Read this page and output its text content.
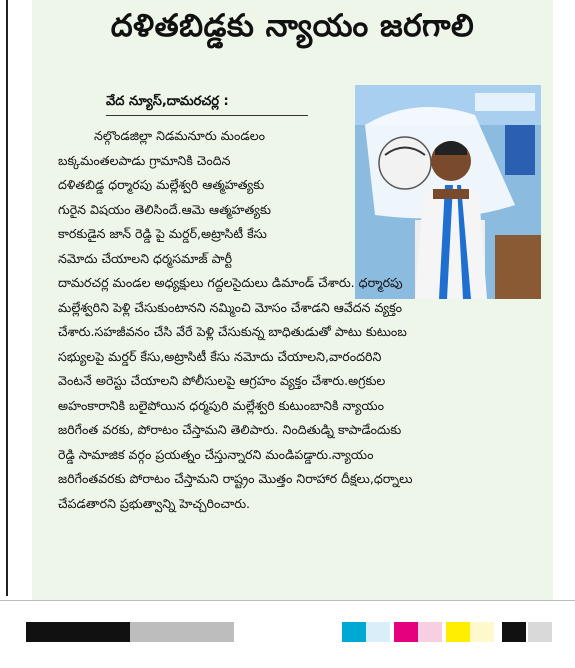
దళితబిడ్డకు న్యాయం జరగాలి
వేద న్యూస్,దామరచర్ల :
నల్గొండజిల్లా నిడమనూరు మండలం
బక్కమంతలపాడు గ్రామానికి చెందిన
దళితబిడ్డ ధర్మారపు మల్లేశ్వరి ఆత్మహత్యకు
గురైన విషయం తెలిసిందే.ఆమె ఆత్మహత్యకు
కారకుడైన జాన్ రెడ్డి పై మర్డర్,అట్రాసిటీ కేసు
నమోదు చేయాలని ధర్మసమాజ్ పార్టీ
దామరచర్ల మండల అధ్యక్షులు గద్దలసైదులు డిమాండ్ చేశారు. ధర్మారపు
మల్లేశ్వరిని పెళ్లి చేసుకుంటానని నమ్మించి మోసం చేశాడని ఆవేదన వ్యక్తం
చేశారు.సహజీవనం చేసి వేరే పెళ్లి చేసుకున్న బాధితుడుతో పాటు కుటుంబ
సభ్యులపై మర్డర్ కేసు,అట్రాసిటీ కేసు నమోదు చేయాలని,వారందరిని
వెంటనే అరెస్టు చేయాలని పోలీసులపై ఆగ్రహం వ్యక్తం చేశారు.అగ్రకుల
అహంకారానికి బలైపోయిన ధర్మపురి మల్లేశ్వరి కుటుంబానికి న్యాయం
జరిగేంత వరకు, పోరాటం చేస్తామని తెలిపారు. నిందితుడ్ని కాపాడేందుకు
రెడ్డి సామాజిక వర్గం ప్రయత్నం చేస్తున్నారని మండిపడ్డారు.న్యాయం
జరిగేంతవరకు పోరాటం చేస్తామని రాష్ట్రం మొత్తం నిరాహార దీక్షలు,ధర్నాలు
చేపడతారని ప్రభుత్వాన్ని హెచ్చరించారు.
